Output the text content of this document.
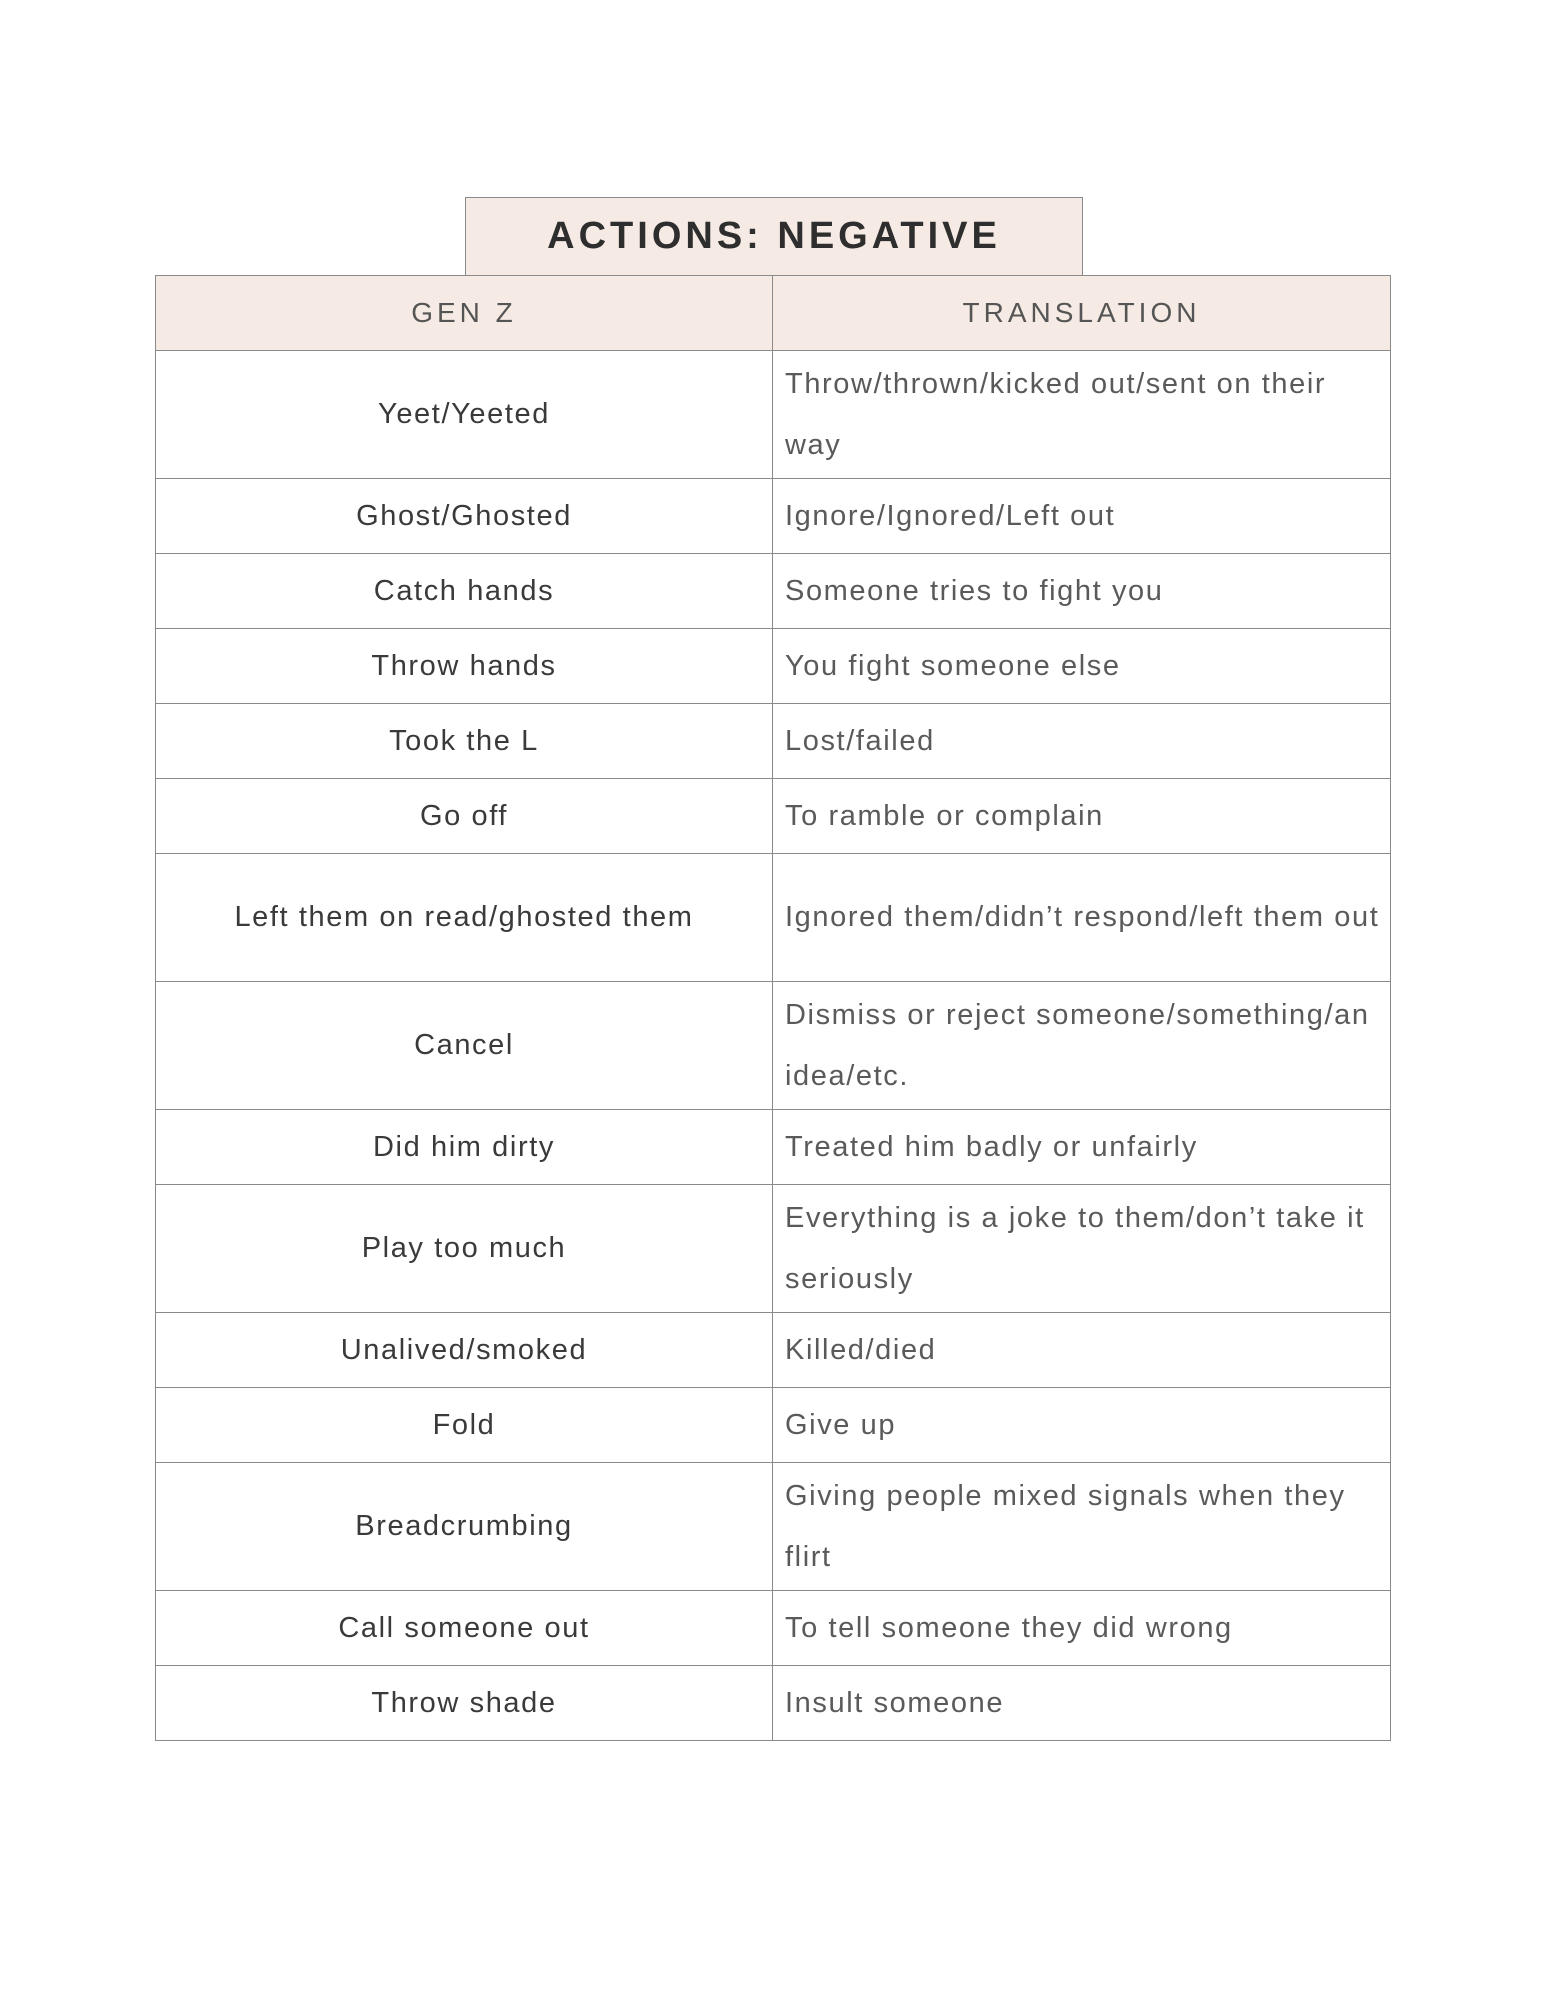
ACTIONS: NEGATIVE
GEN Z	TRANSLATION
Yeet/Yeeted	Throw/thrown/kicked out/sent on their way
Ghost/Ghosted	Ignore/Ignored/Left out
Catch hands	Someone tries to fight you
Throw hands	You fight someone else
Took the L	Lost/failed
Go off	To ramble or complain
Left them on read/ghosted them	Ignored them/didn’t respond/left them out
Cancel	Dismiss or reject someone/something/an idea/etc.
Did him dirty	Treated him badly or unfairly
Play too much	Everything is a joke to them/don’t take it seriously
Unalived/smoked	Killed/died
Fold	Give up
Breadcrumbing	Giving people mixed signals when they flirt
Call someone out	To tell someone they did wrong
Throw shade	Insult someone
